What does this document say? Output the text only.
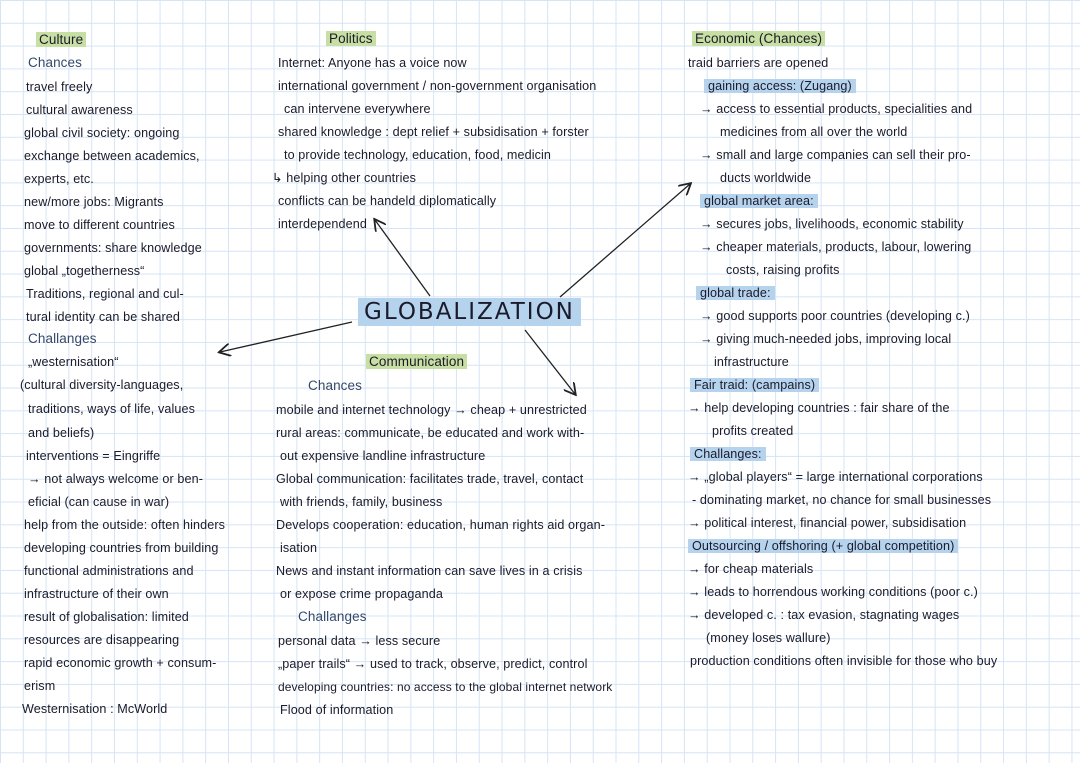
Culture
Chances
travel freely
cultural awareness
global civil society: ongoing
exchange between academics,
experts, etc.
new/more jobs: Migrants
move to different countries
governments: share knowledge
global „togetherness“
Traditions, regional and cul-
tural identity can be shared
Challanges
„westernisation“
(cultural diversity-languages,
traditions, ways of life, values
and beliefs)
interventions = Eingriffe
→ not always welcome or ben-
eficial (can cause in war)
help from the outside: often hinders
developing countries from building
functional administrations and
infrastructure of their own
result of globalisation: limited
resources are disappearing
rapid economic growth + consum-
erism
Westernisation : McWorld
Politics
Internet: Anyone has a voice now
international government / non-government organisation
can intervene everywhere
shared knowledge : dept relief + subsidisation + forster
to provide technology, education, food, medicin
↳ helping other countries
conflicts can be handeld diplomatically
interdependend
Economic (Chances)
traid barriers are opened
gaining access: (Zugang)
→ access to essential products, specialities and
medicines from all over the world
→ small and large companies can sell their pro-
ducts worldwide
global market area:
→ secures jobs, livelihoods, economic stability
→ cheaper materials, products, labour, lowering
costs, raising profits
global trade:
→ good supports poor countries (developing c.)
→ giving much-needed jobs, improving local
infrastructure
Fair traid: (campains)
→ help developing countries : fair share of the
profits created
Challanges:
→ „global players“ = large international corporations
- dominating market, no chance for small businesses
→ political interest, financial power, subsidisation
Outsourcing / offshoring (+ global competition)
→ for cheap materials
→ leads to horrendous working conditions (poor c.)
→ developed c. : tax evasion, stagnating wages
(money loses wallure)
production conditions often invisible for those who buy
GLOBALIZATION
Communication
Chances
mobile and internet technology → cheap + unrestricted
rural areas: communicate, be educated and work with-
out expensive landline infrastructure
Global communication: facilitates trade, travel, contact
with friends, family, business
Develops cooperation: education, human rights aid organ-
isation
News and instant information can save lives in a crisis
or expose crime propaganda
Challanges
personal data → less secure
„paper trails“ → used to track, observe, predict, control
developing countries: no access to the global internet network
Flood of information
